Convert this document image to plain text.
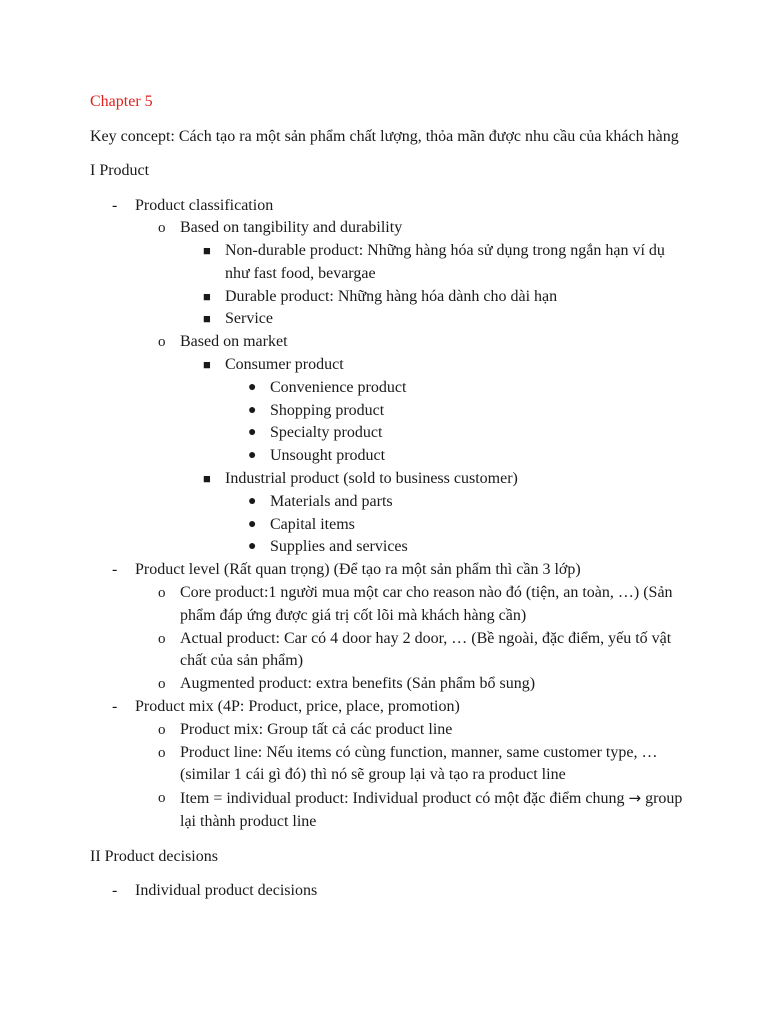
Chapter 5

Key concept: Cách tạo ra một sản phẩm chất lượng, thỏa mãn được nhu cầu của khách hàng

I Product

- Product classification
o Based on tangibility and durability
■ Non-durable product: Những hàng hóa sử dụng trong ngắn hạn ví dụ như fast food, bevargae
■ Durable product: Những hàng hóa dành cho dài hạn
■ Service
o Based on market
■ Consumer product
● Convenience product
● Shopping product
● Specialty product
● Unsought product
■ Industrial product (sold to business customer)
● Materials and parts
● Capital items
● Supplies and services
- Product level (Rất quan trọng) (Để tạo ra một sản phẩm thì cần 3 lớp)
o Core product:1 người mua một car cho reason nào đó (tiện, an toàn, …) (Sản phẩm đáp ứng được giá trị cốt lõi mà khách hàng cần)
o Actual product: Car có 4 door hay 2 door, … (Bề ngoài, đặc điểm, yếu tố vật chất của sản phẩm)
o Augmented product: extra benefits (Sản phẩm bổ sung)
- Product mix (4P: Product, price, place, promotion)
o Product mix: Group tất cả các product line
o Product line: Nếu items có cùng function, manner, same customer type, … (similar 1 cái gì đó) thì nó sẽ group lại và tạo ra product line
o Item = individual product: Individual product có một đặc điểm chung → group lại thành product line

II Product decisions

- Individual product decisions
